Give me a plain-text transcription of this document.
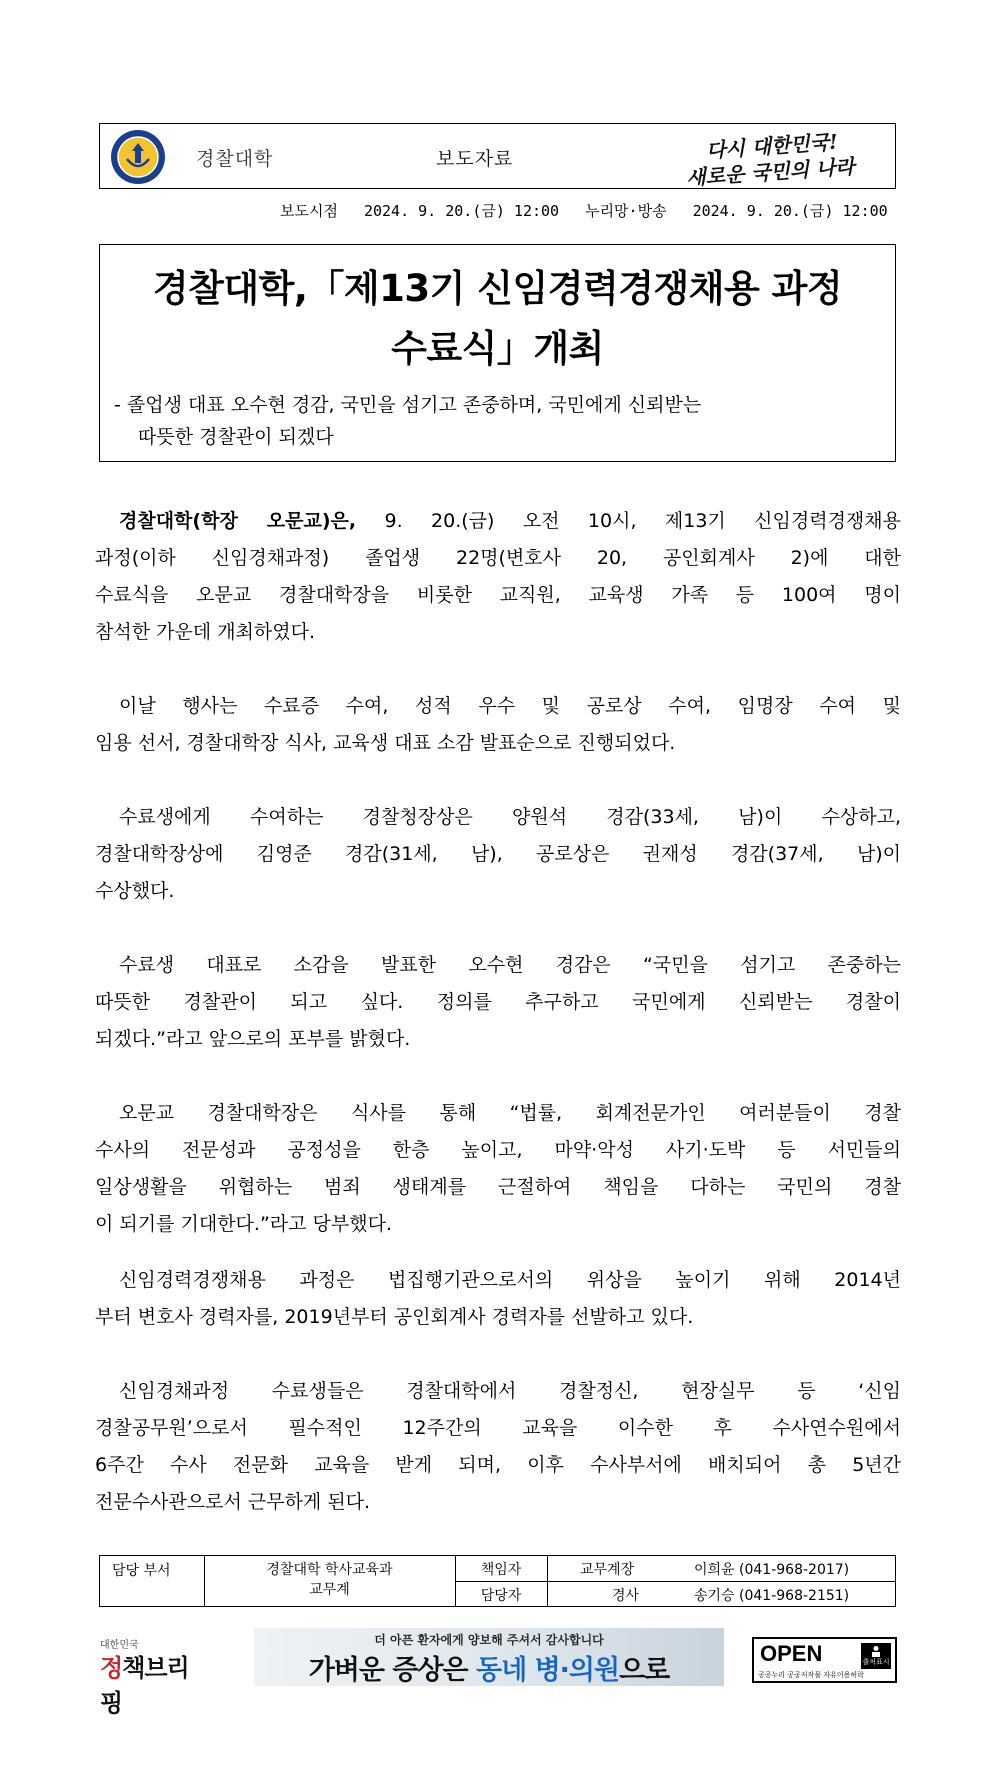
경찰대학	보도자료	다시 대한민국!
새로운 국민의 나라
보도시점 2024. 9. 20.(금) 12:00 누리망·방송 2024. 9. 20.(금) 12:00
경찰대학,「제13기 신임경력경쟁채용 과정
수료식」개최
- 졸업생 대표 오수현 경감, 국민을 섬기고 존중하며, 국민에게 신뢰받는
따뜻한 경찰관이 되겠다
경찰대학(학장 오문교)은, 9. 20.(금) 오전 10시, 제13기 신임경력경쟁채용
과정(이하 신임경채과정) 졸업생 22명(변호사 20, 공인회계사 2)에 대한
수료식을 오문교 경찰대학장을 비롯한 교직원, 교육생 가족 등 100여 명이
참석한 가운데 개최하였다.
이날 행사는 수료증 수여, 성적 우수 및 공로상 수여, 임명장 수여 및
임용 선서, 경찰대학장 식사, 교육생 대표 소감 발표순으로 진행되었다.
수료생에게 수여하는 경찰청장상은 양원석 경감(33세, 남)이 수상하고,
경찰대학장상에 김영준 경감(31세, 남), 공로상은 권재성 경감(37세, 남)이
수상했다.
수료생 대표로 소감을 발표한 오수현 경감은 “국민을 섬기고 존중하는
따뜻한 경찰관이 되고 싶다. 정의를 추구하고 국민에게 신뢰받는 경찰이
되겠다.”라고 앞으로의 포부를 밝혔다.
오문교 경찰대학장은 식사를 통해 “법률, 회계전문가인 여러분들이 경찰
수사의 전문성과 공정성을 한층 높이고, 마약·악성 사기·도박 등 서민들의
일상생활을 위협하는 범죄 생태계를 근절하여 책임을 다하는 국민의 경찰
이 되기를 기대한다.”라고 당부했다.
신임경력경쟁채용 과정은 법집행기관으로서의 위상을 높이기 위해 2014년
부터 변호사 경력자를, 2019년부터 공인회계사 경력자를 선발하고 있다.
신임경채과정 수료생들은 경찰대학에서 경찰정신, 현장실무 등 ‘신임
경찰공무원’으로서 필수적인 12주간의 교육을 이수한 후 수사연수원에서
6주간 수사 전문화 교육을 받게 되며, 이후 수사부서에 배치되어 총 5년간
전문수사관으로서 근무하게 된다.
담당 부서	경찰대학 학사교육과
교무계
책임자	교무계장	이희윤 (041-968-2017)
담당자	경사	송기승 (041-968-2151)
대한민국
정책브리핑
더 아픈 환자에게 양보해 주셔서 감사합니다
가벼운 증상은 동네 병·의원으로
OPEN	출처표시
공공누리 공공저작물 자유이용허락
